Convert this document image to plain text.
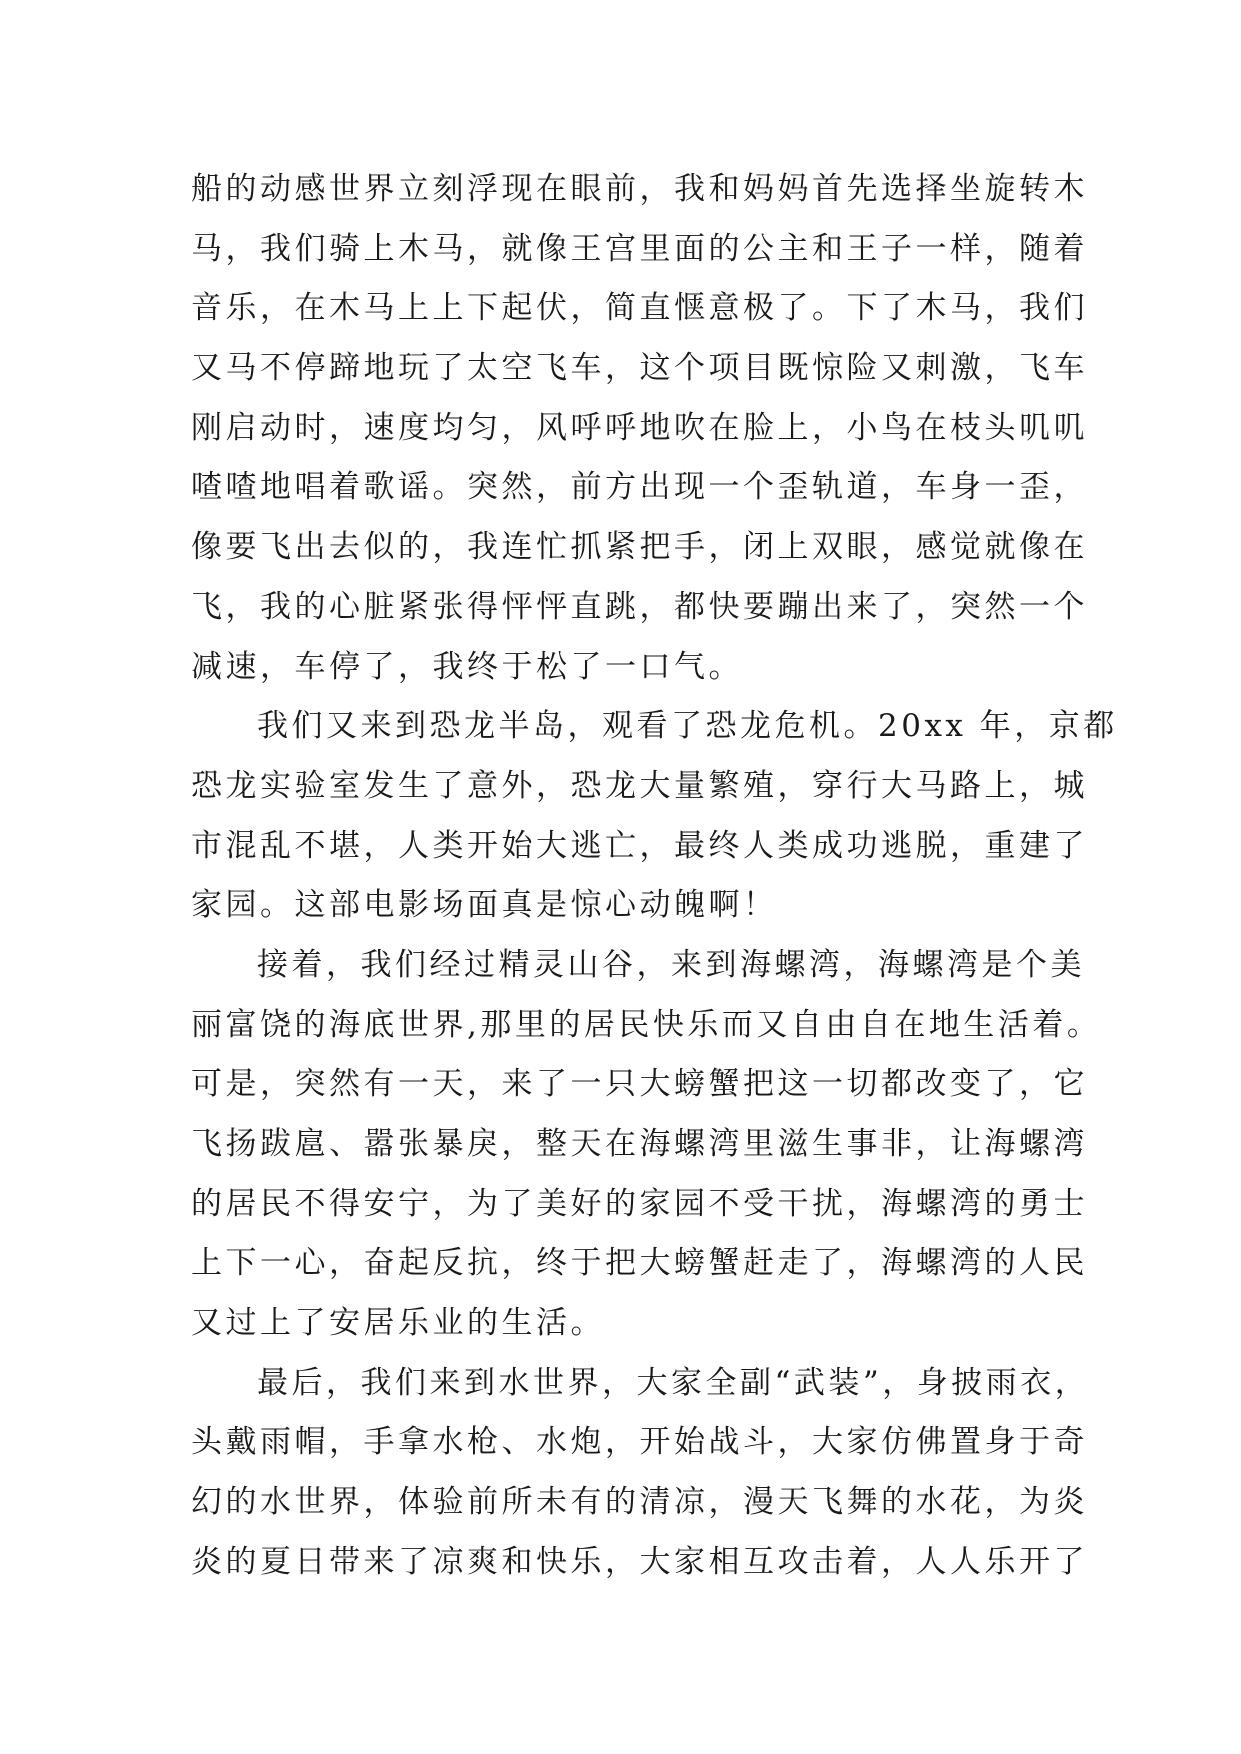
船的动感世界立刻浮现在眼前，我和妈妈首先选择坐旋转木
马，我们骑上木马，就像王宫里面的公主和王子一样，随着
音乐，在木马上上下起伏，简直惬意极了。下了木马，我们
又马不停蹄地玩了太空飞车，这个项目既惊险又刺激，飞车
刚启动时，速度均匀，风呼呼地吹在脸上，小鸟在枝头叽叽
喳喳地唱着歌谣。突然，前方出现一个歪轨道，车身一歪，
像要飞出去似的，我连忙抓紧把手，闭上双眼，感觉就像在
飞，我的心脏紧张得怦怦直跳，都快要蹦出来了，突然一个
减速，车停了，我终于松了一口气。
我们又来到恐龙半岛，观看了恐龙危机。20xx 年，京都
恐龙实验室发生了意外，恐龙大量繁殖，穿行大马路上，城
市混乱不堪，人类开始大逃亡，最终人类成功逃脱，重建了
家园。这部电影场面真是惊心动魄啊！
接着，我们经过精灵山谷，来到海螺湾，海螺湾是个美
丽富饶的海底世界,那里的居民快乐而又自由自在地生活着。
可是，突然有一天，来了一只大螃蟹把这一切都改变了，它
飞扬跋扈、嚣张暴戾，整天在海螺湾里滋生事非，让海螺湾
的居民不得安宁，为了美好的家园不受干扰，海螺湾的勇士
上下一心，奋起反抗，终于把大螃蟹赶走了，海螺湾的人民
又过上了安居乐业的生活。
最后，我们来到水世界，大家全副“武装”，身披雨衣，
头戴雨帽，手拿水枪、水炮，开始战斗，大家仿佛置身于奇
幻的水世界，体验前所未有的清凉，漫天飞舞的水花，为炎
炎的夏日带来了凉爽和快乐，大家相互攻击着，人人乐开了
